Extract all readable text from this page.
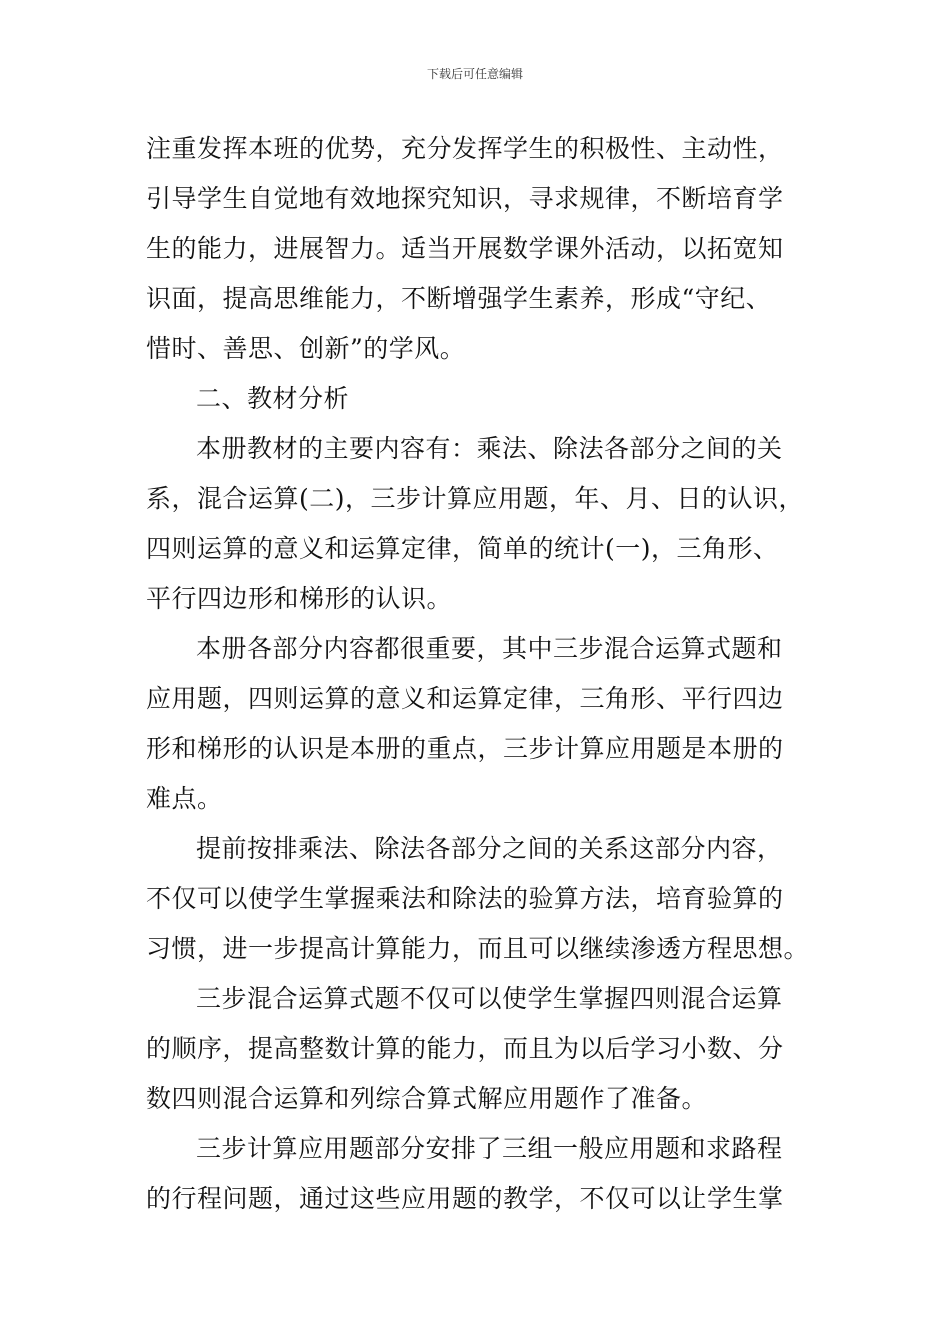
下载后可任意编辑
注重发挥本班的优势，充分发挥学生的积极性、主动性，
引导学生自觉地有效地探究知识，寻求规律，不断培育学
生的能力，进展智力。适当开展数学课外活动，以拓宽知
识面，提高思维能力，不断增强学生素养，形成“守纪、
惜时、善思、创新”的学风。
二、教材分析
本册教材的主要内容有：乘法、除法各部分之间的关
系，混合运算(二)，三步计算应用题，年、月、日的认识，
四则运算的意义和运算定律，简单的统计(一)，三角形、
平行四边形和梯形的认识。
本册各部分内容都很重要，其中三步混合运算式题和
应用题，四则运算的意义和运算定律，三角形、平行四边
形和梯形的认识是本册的重点，三步计算应用题是本册的
难点。
提前按排乘法、除法各部分之间的关系这部分内容，
不仅可以使学生掌握乘法和除法的验算方法，培育验算的
习惯，进一步提高计算能力，而且可以继续渗透方程思想。
三步混合运算式题不仅可以使学生掌握四则混合运算
的顺序，提高整数计算的能力，而且为以后学习小数、分
数四则混合运算和列综合算式解应用题作了准备。
三步计算应用题部分安排了三组一般应用题和求路程
的行程问题，通过这些应用题的教学，不仅可以让学生掌
